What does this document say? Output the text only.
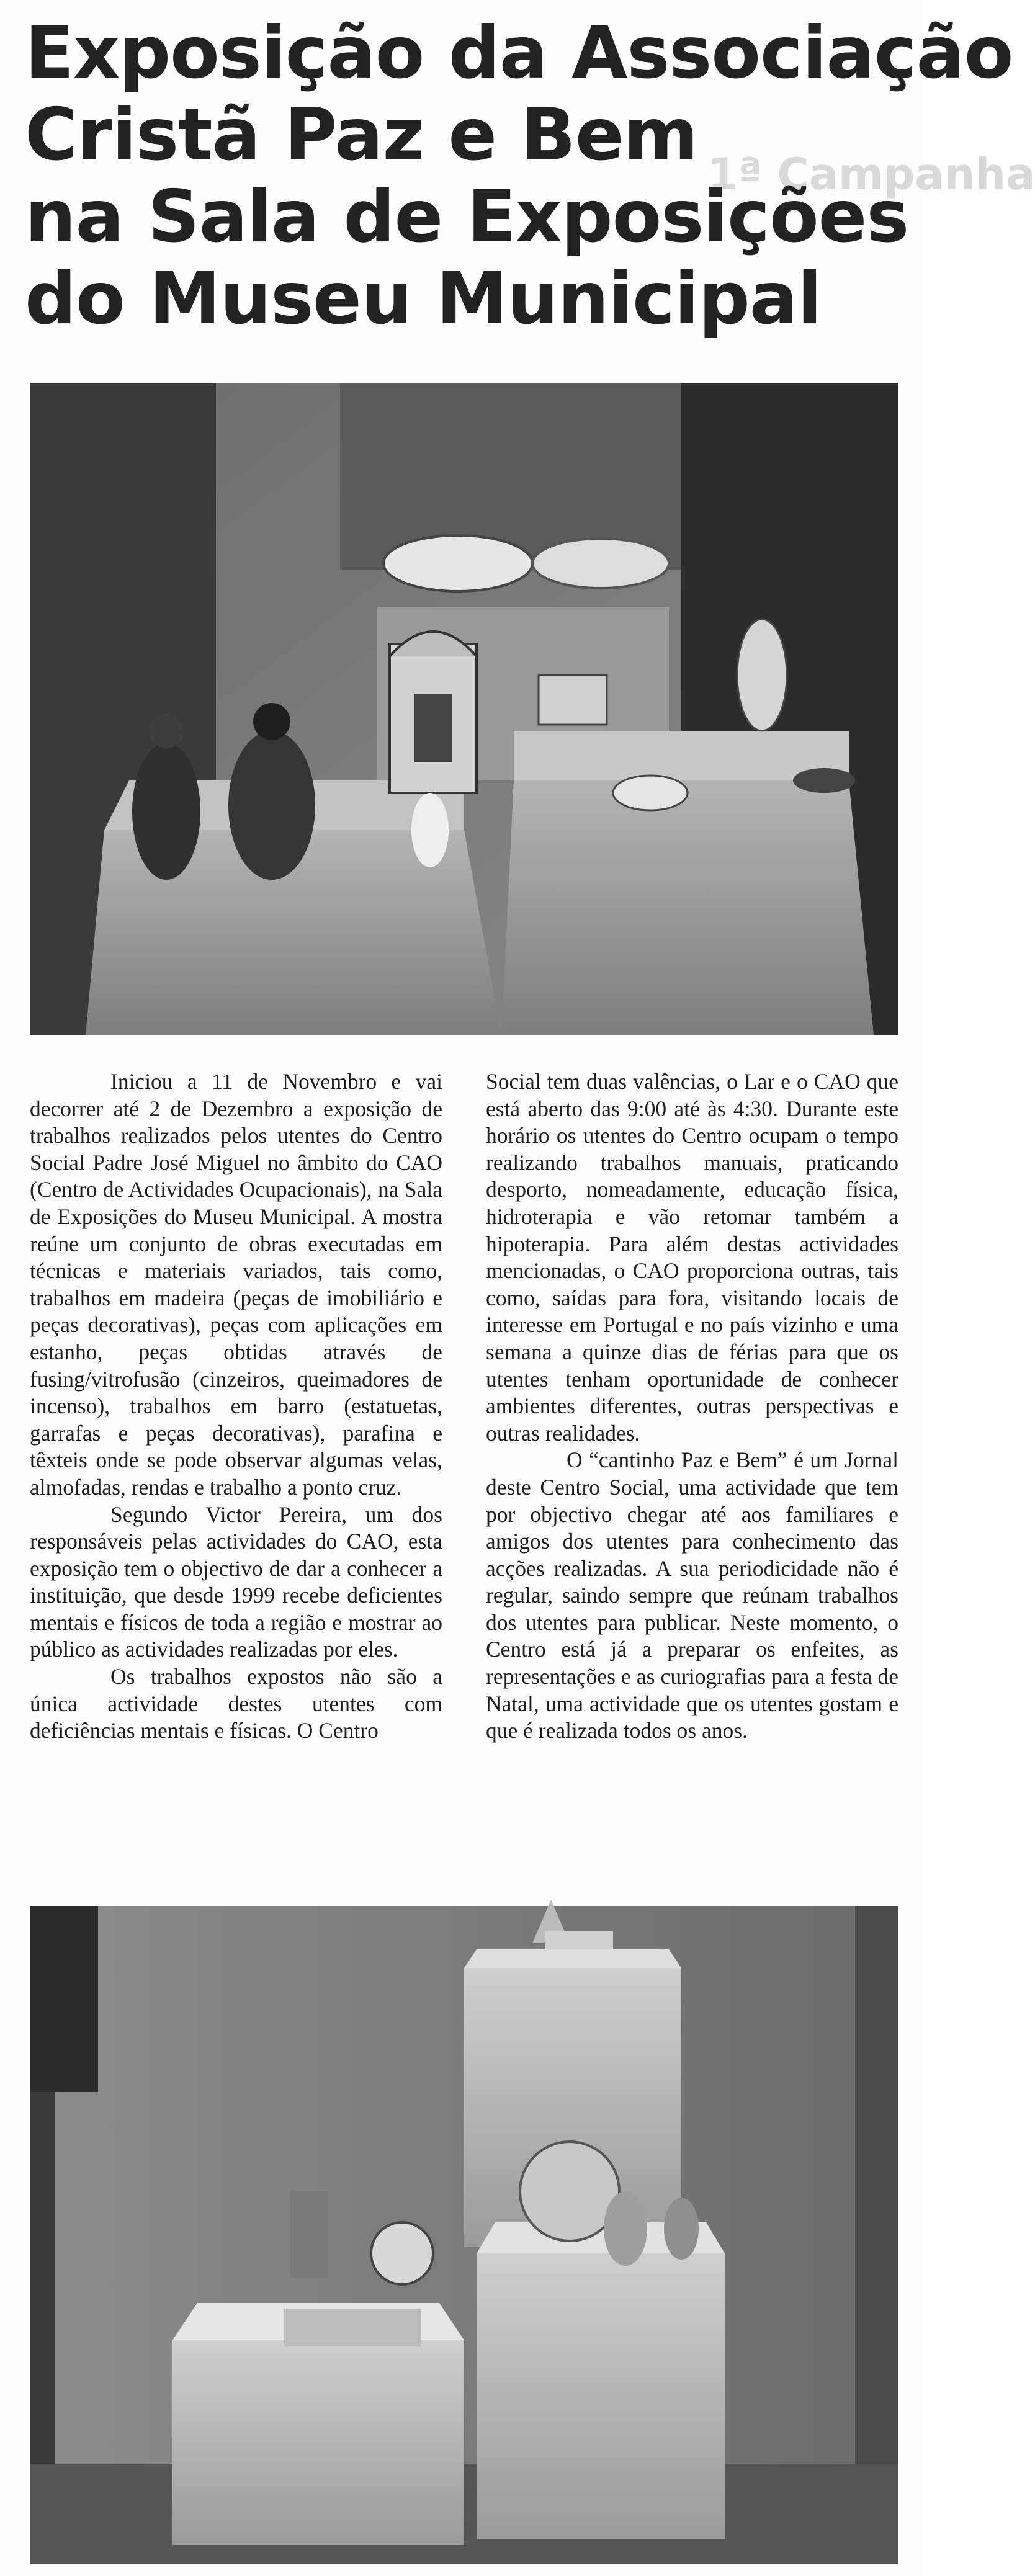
1ª Campanha
Exposição da Associação
Cristã Paz e Bem
na Sala de Exposições
do Museu Municipal

Iniciou a 11 de Novembro e vai decorrer até 2 de Dezembro a exposição de trabalhos realizados pelos utentes do Centro Social Padre José Miguel no âmbito do CAO (Centro de Actividades Ocupacionais), na Sala de Exposições do Museu Municipal. A mostra reúne um conjunto de obras executadas em técnicas e materiais variados, tais como, trabalhos em madeira (peças de imobiliário e peças decorativas), peças com aplicações em estanho, peças obtidas através de fusing/vitrofusão (cinzeiros, queimadores de incenso), trabalhos em barro (estatuetas, garrafas e peças decorativas), parafina e têxteis onde se pode observar algumas velas, almofadas, rendas e trabalho a ponto cruz.

Segundo Victor Pereira, um dos responsáveis pelas actividades do CAO, esta exposição tem o objectivo de dar a conhecer a instituição, que desde 1999 recebe deficientes mentais e físicos de toda a região e mostrar ao público as actividades realizadas por eles.

Os trabalhos expostos não são a única actividade destes utentes com deficiências mentais e físicas. O Centro

Social tem duas valências, o Lar e o CAO que está aberto das 9:00 até às 4:30. Durante este horário os utentes do Centro ocupam o tempo realizando trabalhos manuais, praticando desporto, nomeadamente, educação física, hidroterapia e vão retomar também a hipoterapia. Para além destas actividades mencionadas, o CAO proporciona outras, tais como, saídas para fora, visitando locais de interesse em Portugal e no país vizinho e uma semana a quinze dias de férias para que os utentes tenham oportunidade de conhecer ambientes diferentes, outras perspectivas e outras realidades.

O “cantinho Paz e Bem” é um Jornal deste Centro Social, uma actividade que tem por objectivo chegar até aos familiares e amigos dos utentes para conhecimento das acções realizadas. A sua periodicidade não é regular, saindo sempre que reúnam trabalhos dos utentes para publicar. Neste momento, o Centro está já a preparar os enfeites, as representações e as curiografias para a festa de Natal, uma actividade que os utentes gostam e que é realizada todos os anos.
